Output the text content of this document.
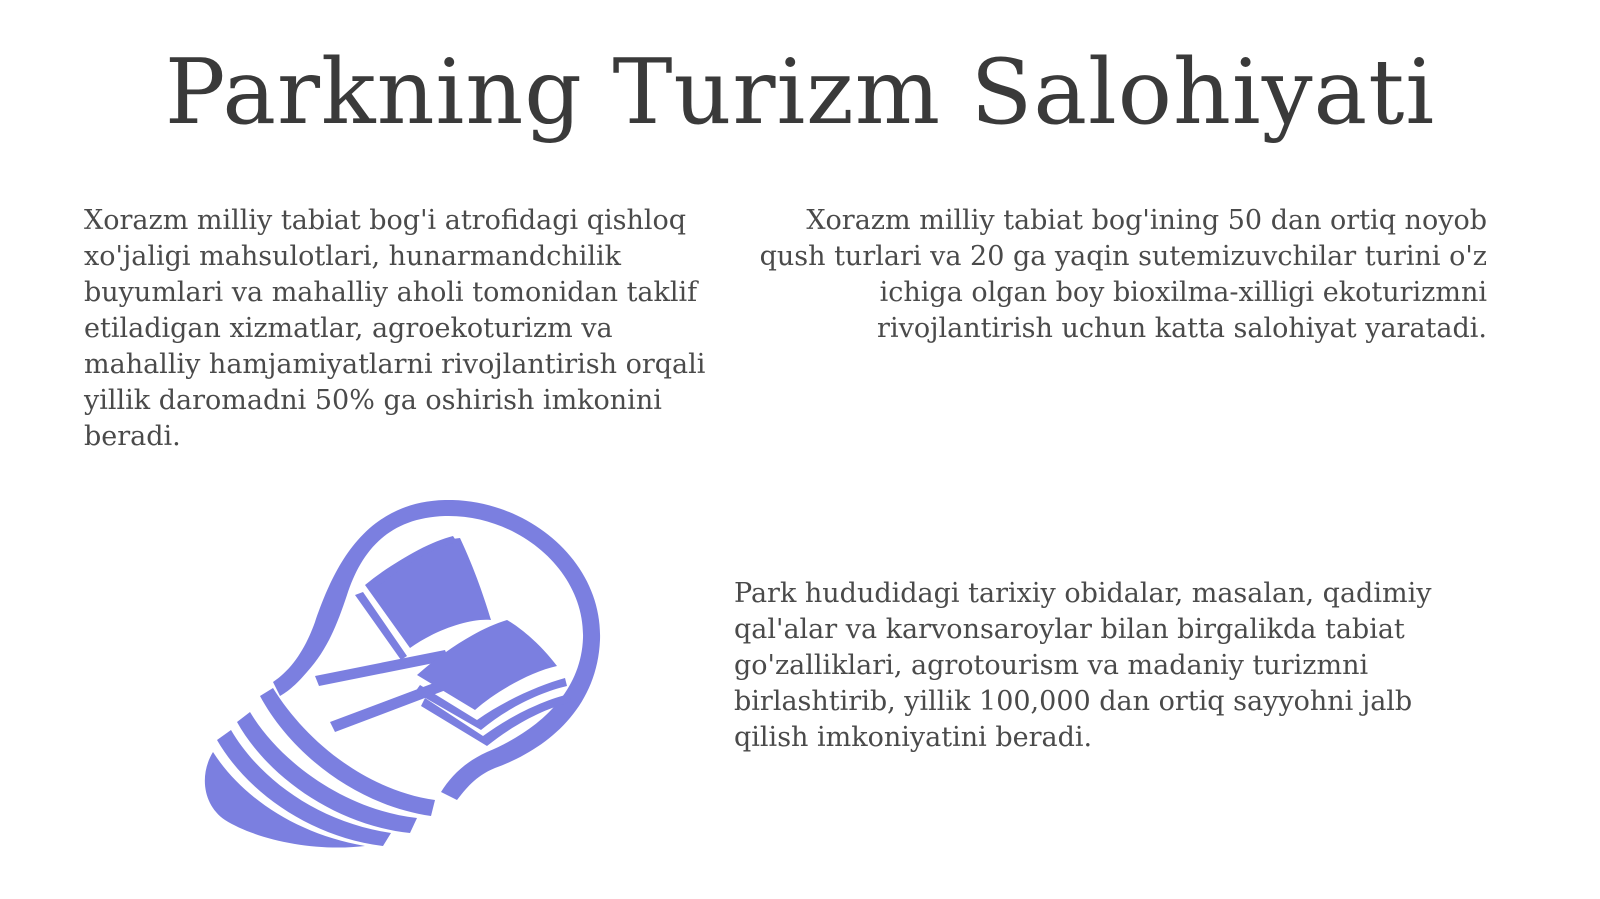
Parkning Turizm Salohiyati

Xorazm milliy tabiat bog'i atrofidagi qishloq xo'jaligi mahsulotlari, hunarmandchilik buyumlari va mahalliy aholi tomonidan taklif etiladigan xizmatlar, agroekoturizm va mahalliy hamjamiyatlarni rivojlantirish orqali yillik daromadni 50% ga oshirish imkonini beradi.

Xorazm milliy tabiat bog'ining 50 dan ortiq noyob qush turlari va 20 ga yaqin sutemizuvchilar turini o'z ichiga olgan boy bioxilma-xilligi ekoturizmni rivojlantirish uchun katta salohiyat yaratadi.

Park hududidagi tarixiy obidalar, masalan, qadimiy qal'alar va karvonsaroylar bilan birgalikda tabiat go'zalliklari, agrotourism va madaniy turizmni birlashtirib, yillik 100,000 dan ortiq sayyohni jalb qilish imkoniyatini beradi.
